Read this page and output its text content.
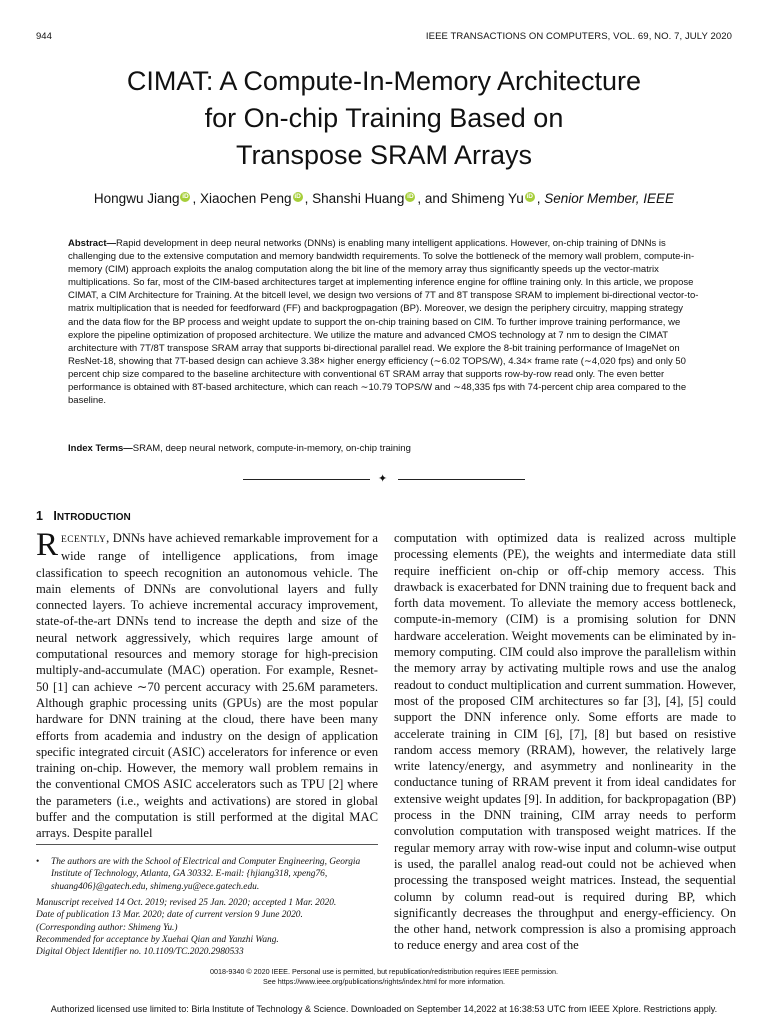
944	IEEE TRANSACTIONS ON COMPUTERS, VOL. 69, NO. 7, JULY 2020
CIMAT: A Compute-In-Memory Architecture
for On-chip Training Based on
Transpose SRAM Arrays
Hongwu Jiang iD , Xiaochen Peng iD , Shanshi Huang iD , and Shimeng Yu iD , Senior Member, IEEE
Abstract—Rapid development in deep neural networks (DNNs) is enabling many intelligent applications. However, on-chip training of DNNs is challenging due to the extensive computation and memory bandwidth requirements. To solve the bottleneck of the memory wall problem, compute-in-memory (CIM) approach exploits the analog computation along the bit line of the memory array thus significantly speeds up the vector-matrix multiplications. So far, most of the CIM-based architectures target at implementing inference engine for offline training only. In this article, we propose CIMAT, a CIM Architecture for Training. At the bitcell level, we design two versions of 7T and 8T transpose SRAM to implement bi-directional vector-to-matrix multiplication that is needed for feedforward (FF) and backprogpagation (BP). Moreover, we design the periphery circuitry, mapping strategy and the data flow for the BP process and weight update to support the on-chip training based on CIM. To further improve training performance, we explore the pipeline optimization of proposed architecture. We utilize the mature and advanced CMOS technology at 7 nm to design the CIMAT architecture with 7T/8T transpose SRAM array that supports bi-directional parallel read. We explore the 8-bit training performance of ImageNet on ResNet-18, showing that 7T-based design can achieve 3.38× higher energy efficiency (∼6.02 TOPS/W), 4.34× frame rate (∼4,020 fps) and only 50 percent chip size compared to the baseline architecture with conventional 6T SRAM array that supports row-by-row read only. The even better performance is obtained with 8T-based architecture, which can reach ∼10.79 TOPS/W and ∼48,335 fps with 74-percent chip area compared to the baseline.
Index Terms—SRAM, deep neural network, compute-in-memory, on-chip training
✦
1 INTRODUCTION

RECENTLY, DNNs have achieved remarkable improvement for a wide range of intelligence applications, from image classification to speech recognition an autonomous vehicle. The main elements of DNNs are convolutional layers and fully connected layers. To achieve incremental accuracy improvement, state-of-the-art DNNs tend to increase the depth and size of the neural network aggressively, which requires large amount of computational resources and memory storage for high-precision multiply-and-accumulate (MAC) operation. For example, Resnet-50 [1] can achieve ∼70 percent accuracy with 25.6M parameters. Although graphic processing units (GPUs) are the most popular hardware for DNN training at the cloud, there have been many efforts from academia and industry on the design of application specific integrated circuit (ASIC) accelerators for inference or even training on-chip. However, the memory wall problem remains in the conventional CMOS ASIC accelerators such as TPU [2] where the parameters (i.e., weights and activations) are stored in global buffer and the computation is still performed at the digital MAC arrays. Despite parallel

computation with optimized data is realized across multiple processing elements (PE), the weights and intermediate data still require inefficient on-chip or off-chip memory access. This drawback is exacerbated for DNN training due to frequent back and forth data movement. To alleviate the memory access bottleneck, compute-in-memory (CIM) is a promising solution for DNN hardware acceleration. Weight movements can be eliminated by in-memory computing. CIM could also improve the parallelism within the memory array by activating multiple rows and use the analog readout to conduct multiplication and current summation. However, most of the proposed CIM architectures so far [3], [4], [5] could support the DNN inference only. Some efforts are made to accelerate training in CIM [6], [7], [8] but based on resistive random access memory (RRAM), however, the relatively large write latency/energy, and asymmetry and nonlinearity in the conductance tuning of RRAM prevent it from ideal candidates for extensive weight updates [9]. In addition, for backpropagation (BP) process in the DNN training, CIM array needs to perform convolution computation with transposed weight matrices. If the regular memory array with row-wise input and column-wise output is used, the parallel analog read-out could not be achieved when processing the transposed weight matrices. Instead, the sequential column by column read-out is required during BP, which significantly decreases the throughput and energy-efficiency. On the other hand, network compression is also a promising approach to reduce energy and area cost of the

• The authors are with the School of Electrical and Computer Engineering, Georgia Institute of Technology, Atlanta, GA 30332. E-mail: {hjiang318, xpeng76, shuang406}@gatech.edu, shimeng.yu@ece.gatech.edu.
Manuscript received 14 Oct. 2019; revised 25 Jan. 2020; accepted 1 Mar. 2020.
Date of publication 13 Mar. 2020; date of current version 9 June 2020.
(Corresponding author: Shimeng Yu.)
Recommended for acceptance by Xuehai Qian and Yanzhi Wang.
Digital Object Identifier no. 10.1109/TC.2020.2980533
0018-9340 © 2020 IEEE. Personal use is permitted, but republication/redistribution requires IEEE permission.
See https://www.ieee.org/publications/rights/index.html for more information.
Authorized licensed use limited to: Birla Institute of Technology & Science. Downloaded on September 14,2022 at 16:38:53 UTC from IEEE Xplore. Restrictions apply.
